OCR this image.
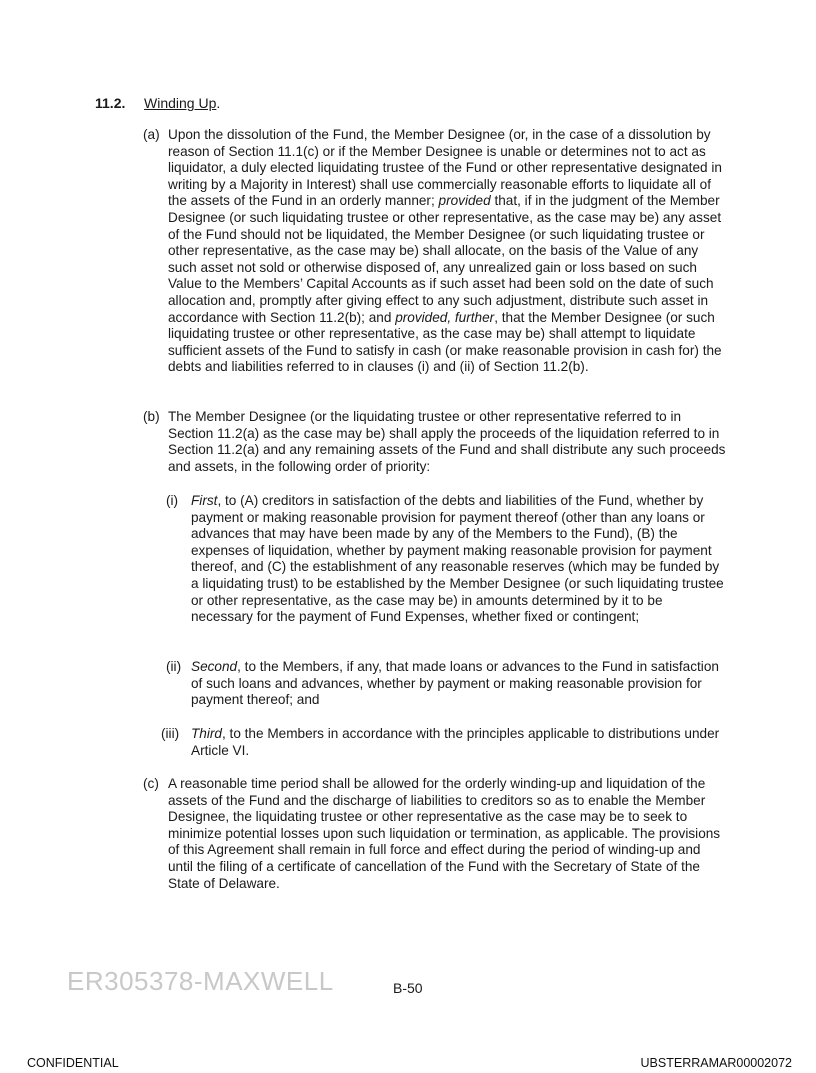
11.2. Winding Up.
(a) Upon the dissolution of the Fund, the Member Designee (or, in the case of a dissolution by reason of Section 11.1(c) or if the Member Designee is unable or determines not to act as liquidator, a duly elected liquidating trustee of the Fund or other representative designated in writing by a Majority in Interest) shall use commercially reasonable efforts to liquidate all of the assets of the Fund in an orderly manner; provided that, if in the judgment of the Member Designee (or such liquidating trustee or other representative, as the case may be) any asset of the Fund should not be liquidated, the Member Designee (or such liquidating trustee or other representative, as the case may be) shall allocate, on the basis of the Value of any such asset not sold or otherwise disposed of, any unrealized gain or loss based on such Value to the Members’ Capital Accounts as if such asset had been sold on the date of such allocation and, promptly after giving effect to any such adjustment, distribute such asset in accordance with Section 11.2(b); and provided, further, that the Member Designee (or such liquidating trustee or other representative, as the case may be) shall attempt to liquidate sufficient assets of the Fund to satisfy in cash (or make reasonable provision in cash for) the debts and liabilities referred to in clauses (i) and (ii) of Section 11.2(b).
(b) The Member Designee (or the liquidating trustee or other representative referred to in Section 11.2(a) as the case may be) shall apply the proceeds of the liquidation referred to in Section 11.2(a) and any remaining assets of the Fund and shall distribute any such proceeds and assets, in the following order of priority:
(i) First, to (A) creditors in satisfaction of the debts and liabilities of the Fund, whether by payment or making reasonable provision for payment thereof (other than any loans or advances that may have been made by any of the Members to the Fund), (B) the expenses of liquidation, whether by payment making reasonable provision for payment thereof, and (C) the establishment of any reasonable reserves (which may be funded by a liquidating trust) to be established by the Member Designee (or such liquidating trustee or other representative, as the case may be) in amounts determined by it to be necessary for the payment of Fund Expenses, whether fixed or contingent;
(ii) Second, to the Members, if any, that made loans or advances to the Fund in satisfaction of such loans and advances, whether by payment or making reasonable provision for payment thereof; and
(iii) Third, to the Members in accordance with the principles applicable to distributions under Article VI.
(c) A reasonable time period shall be allowed for the orderly winding-up and liquidation of the assets of the Fund and the discharge of liabilities to creditors so as to enable the Member Designee, the liquidating trustee or other representative as the case may be to seek to minimize potential losses upon such liquidation or termination, as applicable. The provisions of this Agreement shall remain in full force and effect during the period of winding-up and until the filing of a certificate of cancellation of the Fund with the Secretary of State of the State of Delaware.
ER305378-MAXWELL	B-50
CONFIDENTIAL	UBSTERRAMAR00002072
